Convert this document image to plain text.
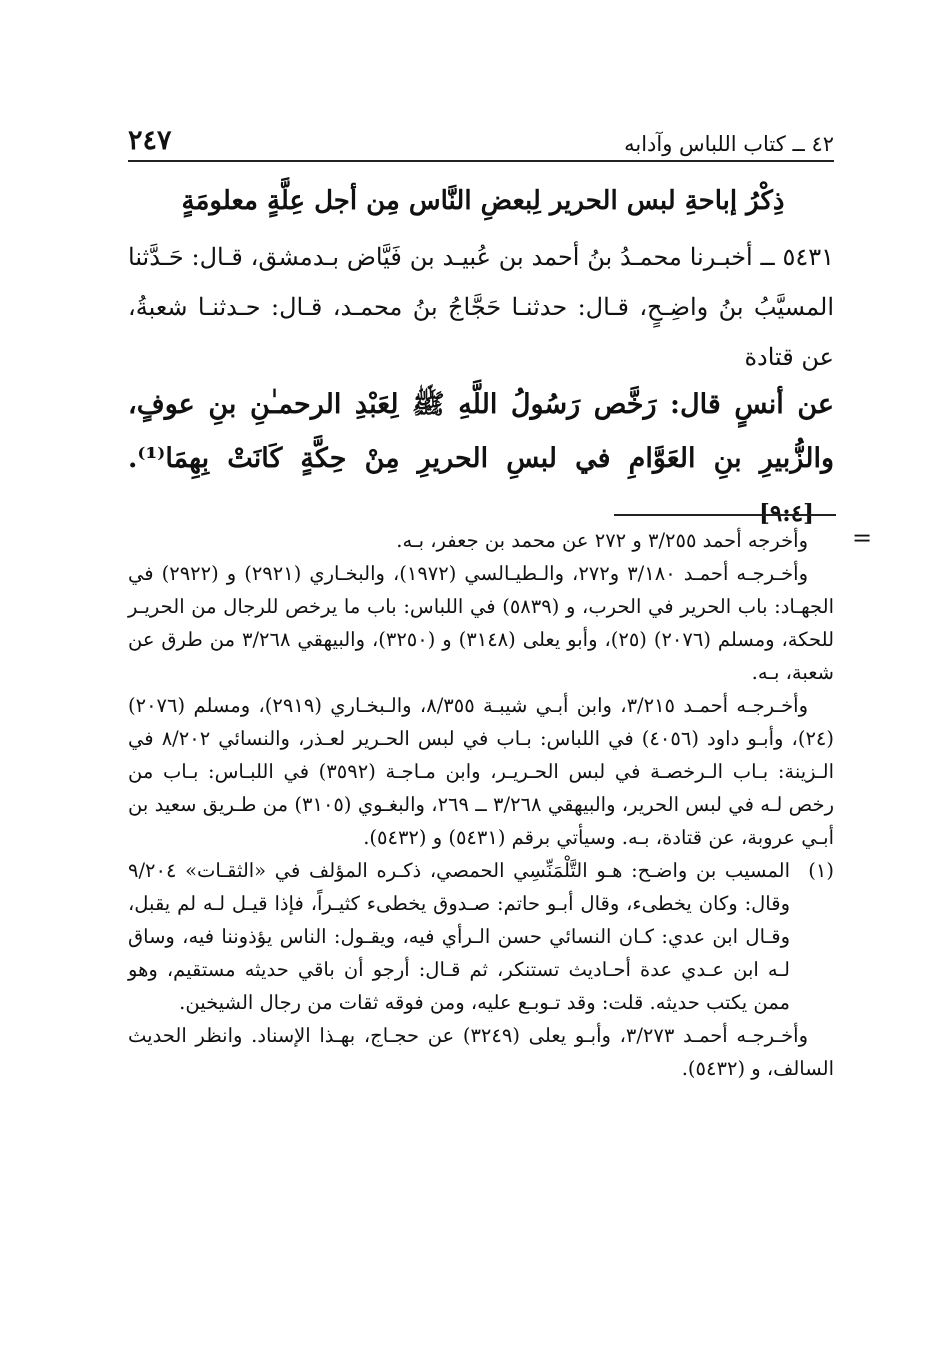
٤٢ ــ كتاب اللباس وآدابه
٢٤٧
ذِكْرُ إباحةِ لبس الحرير لِبعضِ النَّاس مِن أجل عِلَّةٍ معلومَةٍ
٥٤٣١ ــ أخبـرنا محمـدُ بنُ أحمد بن عُبيـد بن فَيَّاض بـدمشق، قـال: حَـدَّثنا المسيَّبُ بنُ واضِـحٍ، قـال: حدثنـا حَجَّاجُ بنُ محمـد، قـال: حـدثنـا شعبةُ، عن قتادة
عن أنسٍ قال: رَخَّص رَسُولُ اللَّهِ ﷺ لِعَبْدِ الرحمـٰنِ بنِ عوفٍ، والزُّبيرِ بنِ العَوَّامِ في لبسِ الحريرِ مِنْ حِكَّةٍ كَانَتْ بِهِمَا⁽¹⁾. [٩:٤]
=

وأخرجه أحمد ٣/٢٥٥ و ٢٧٢ عن محمد بن جعفر، بـه.

وأخـرجـه أحمـد ٣/١٨٠ و٢٧٢، والـطيـالسي (١٩٧٢)، والبخـاري (٢٩٢١) و (٢٩٢٢) في الجهـاد: باب الحرير في الحرب، و (٥٨٣٩) في اللباس: باب ما يرخص للرجال من الحريـر للحكة، ومسلم (٢٠٧٦) (٢٥)، وأبو يعلى (٣١٤٨) و (٣٢٥٠)، والبيهقي ٣/٢٦٨ من طرق عن شعبة، بـه.

وأخـرجـه أحمـد ٣/٢١٥، وابن أبـي شيبـة ٨/٣٥٥، والـبخـاري (٢٩١٩)، ومسلم (٢٠٧٦) (٢٤)، وأبـو داود (٤٠٥٦) في اللباس: بـاب في لبس الحـرير لعـذر، والنسائي ٨/٢٠٢ في الـزينة: بـاب الـرخصـة في لبس الحـريـر، وابن مـاجـة (٣٥٩٢) في اللبـاس: بـاب من رخص لـه في لبس الحرير، والبيهقي ٣/٢٦٨ ــ ٢٦٩، والبغـوي (٣١٠٥) من طـريق سعيد بن أبـي عروبة، عن قتادة، بـه. وسيأتي برقم (٥٤٣١) و (٥٤٣٢).

(١)
المسيب بن واضـح: هـو التَّلْمَنِّسِي الحمصي، ذكـره المؤلف في «الثقـات» ٩/٢٠٤ وقال: وكان يخطىء، وقال أبـو حاتم: صـدوق يخطىء كثيـراً، فإذا قيـل لـه لم يقبل، وقـال ابن عدي: كـان النسائي حسن الـرأي فيه، ويقـول: الناس يؤذوننا فيه، وساق لـه ابن عـدي عدة أحـاديث تستنكر، ثم قـال: أرجو أن باقي حديثه مستقيم، وهو ممن يكتب حديثه. قلت: وقد تـوبـع عليه، ومن فوقه ثقات من رجال الشيخين.

وأخـرجـه أحمـد ٣/٢٧٣، وأبـو يعلى (٣٢٤٩) عن حجـاج، بهـذا الإسناد. وانظر الحديث السالف، و (٥٤٣٢).
